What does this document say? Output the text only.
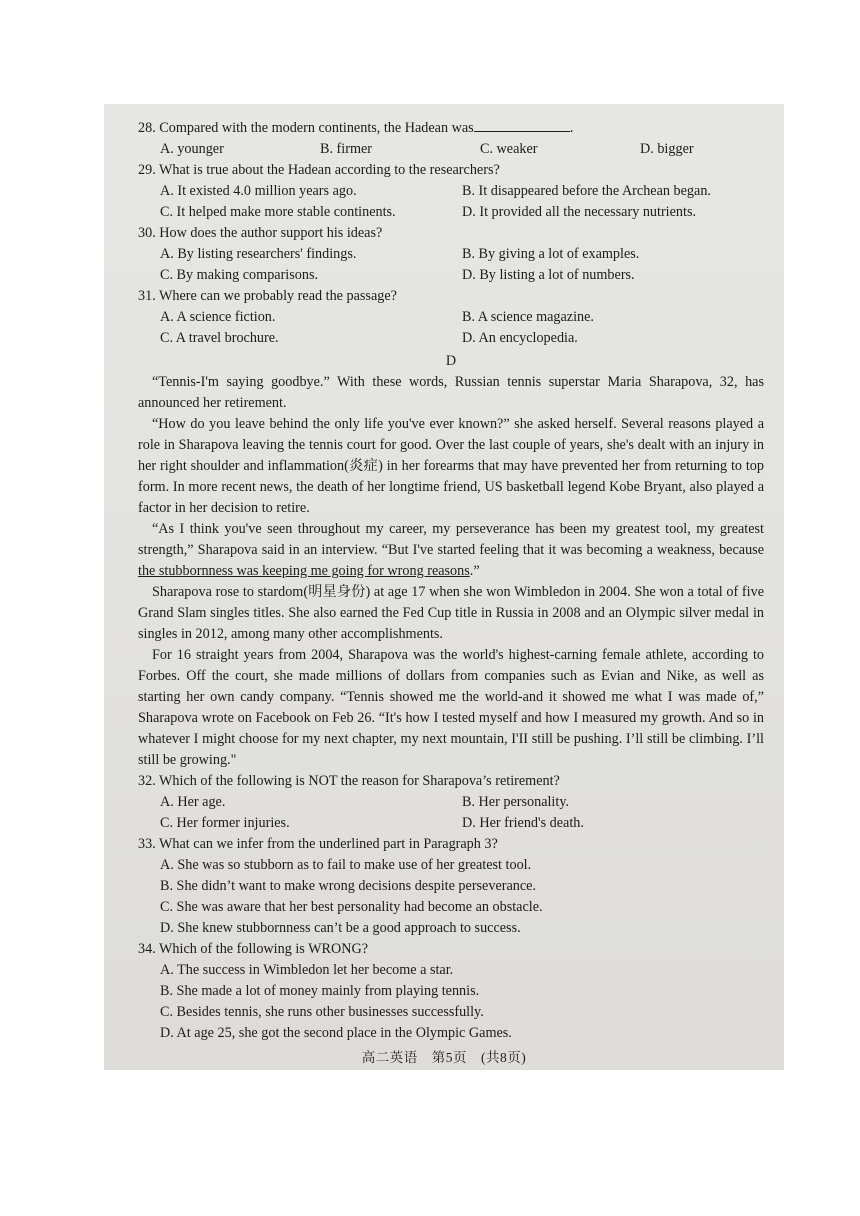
28. Compared with the modern continents, the Hadean was	.

A. younger	B. firmer	C. weaker	D. bigger

29. What is true about the Hadean according to the researchers?

A. It existed 4.0 million years ago.	B. It disappeared before the Archean began.

C. It helped make more stable continents.	D. It provided all the necessary nutrients.

30. How does the author support his ideas?

A. By listing researchers' findings.	B. By giving a lot of examples.

C. By making comparisons.	D. By listing a lot of numbers.

31. Where can we probably read the passage?

A. A science fiction.	B. A science magazine.

C. A travel brochure.	D. An encyclopedia.

D

“Tennis-I'm saying goodbye.” With these words, Russian tennis superstar Maria Sharapova, 32, has announced her retirement.

“How do you leave behind the only life you've ever known?” she asked herself. Several reasons played a role in Sharapova leaving the tennis court for good. Over the last couple of years, she's dealt with an injury in her right shoulder and inflammation(炎症) in her forearms that may have prevented her from returning to top form. In more recent news, the death of her longtime friend, US basketball legend Kobe Bryant, also played a factor in her decision to retire.

“As I think you've seen throughout my career, my perseverance has been my greatest tool, my greatest strength,” Sharapova said in an interview. “But I've started feeling that it was becoming a weakness, because the stubbornness was keeping me going for wrong reasons.”

Sharapova rose to stardom(明星身份) at age 17 when she won Wimbledon in 2004. She won a total of five Grand Slam singles titles. She also earned the Fed Cup title in Russia in 2008 and an Olympic silver medal in singles in 2012, among many other accomplishments.

For 16 straight years from 2004, Sharapova was the world's highest-carning female athlete, according to Forbes. Off the court, she made millions of dollars from companies such as Evian and Nike, as well as starting her own candy company. “Tennis showed me the world-and it showed me what I was made of,” Sharapova wrote on Facebook on Feb 26. “It's how I tested myself and how I measured my growth. And so in whatever I might choose for my next chapter, my next mountain, I'II still be pushing. I’ll still be climbing. I’ll still be growing."

32. Which of the following is NOT the reason for Sharapova’s retirement?

A. Her age.	B. Her personality.

C. Her former injuries.	D. Her friend's death.

33. What can we infer from the underlined part in Paragraph 3?

A. She was so stubborn as to fail to make use of her greatest tool.

B. She didn’t want to make wrong decisions despite perseverance.

C. She was aware that her best personality had become an obstacle.

D. She knew stubbornness can’t be a good approach to success.

34. Which of the following is WRONG?

A. The success in Wimbledon let her become a star.

B. She made a lot of money mainly from playing tennis.

C. Besides tennis, she runs other businesses successfully.

D. At age 25, she got the second place in the Olympic Games.

高二英语　第5页　(共8页)
